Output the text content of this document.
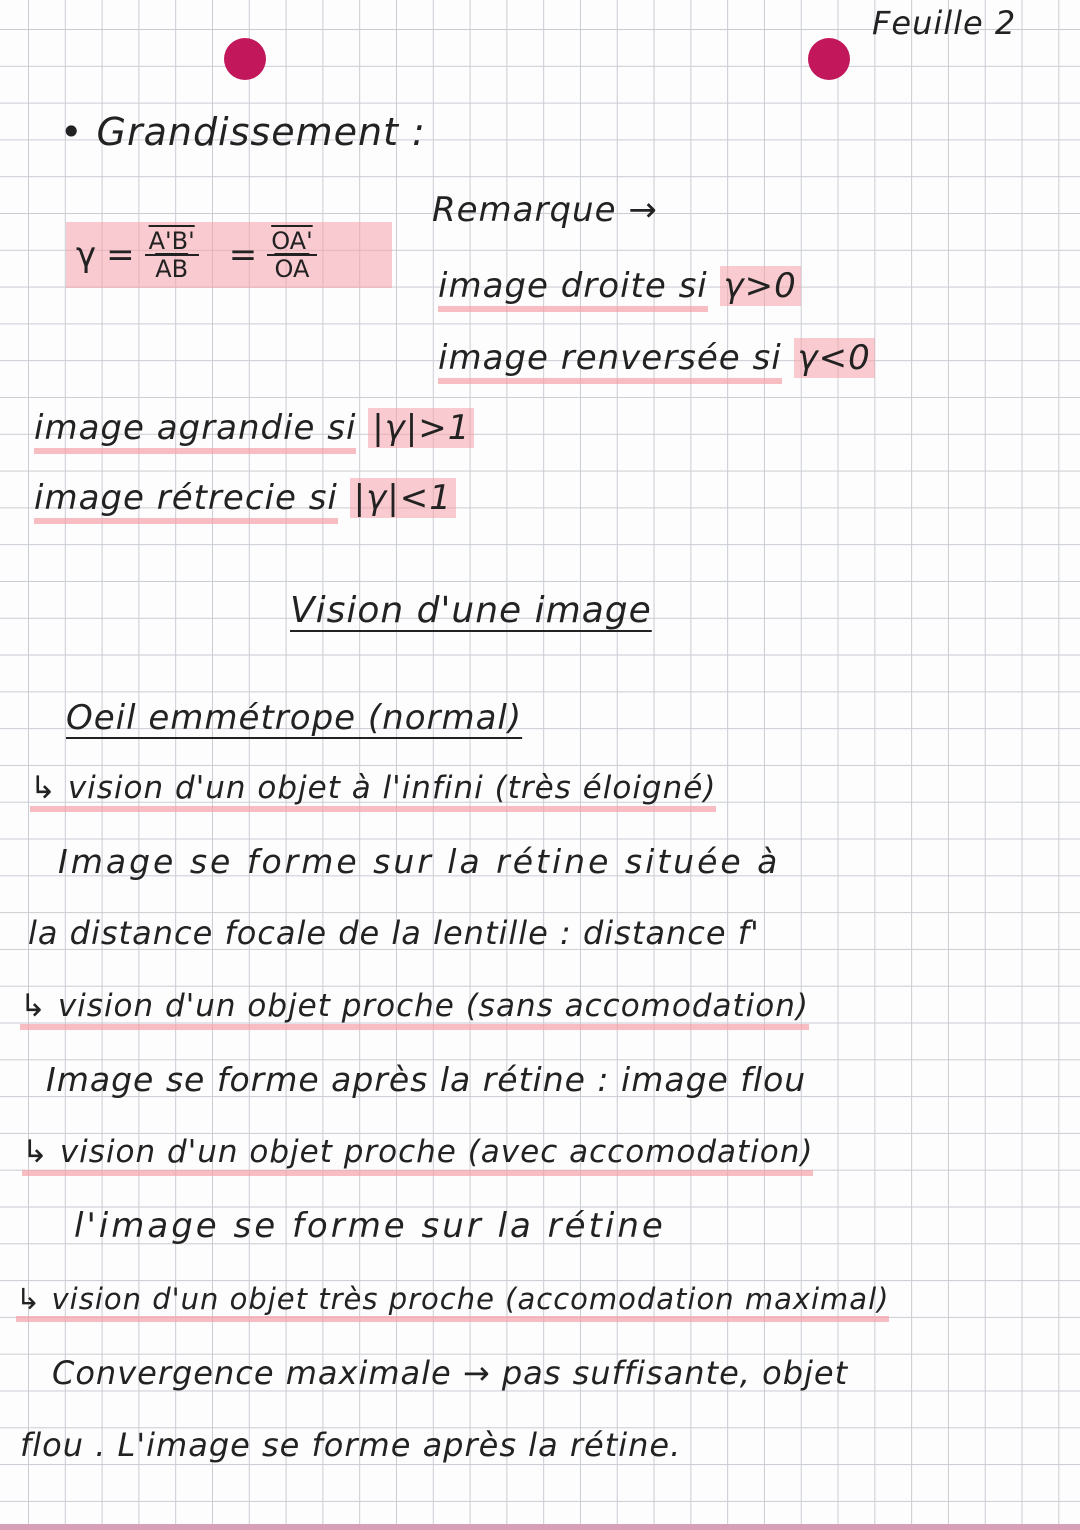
Feuille 2
• Grandissement :
$\gamma = \frac{A'B'}{AB} = \frac{OA'}{OA}$
Remarque →
image droite si γ>0
image renversée si γ<0
image agrandie si |γ|>1
image rétrecie si |γ|<1
Vision d'une image
Oeil emmétrope (normal)
↳ vision d'un objet à l'infini (très éloigné)
Image se forme sur la rétine située à
la distance focale de la lentille : distance f'
↳ vision d'un objet proche (sans accomodation)
Image se forme après la rétine : image flou
↳ vision d'un objet proche (avec accomodation)
l'image se forme sur la rétine
↳ vision d'un objet très proche (accomodation maximal)
Convergence maximale → pas suffisante, objet
flou . L'image se forme après la rétine.
